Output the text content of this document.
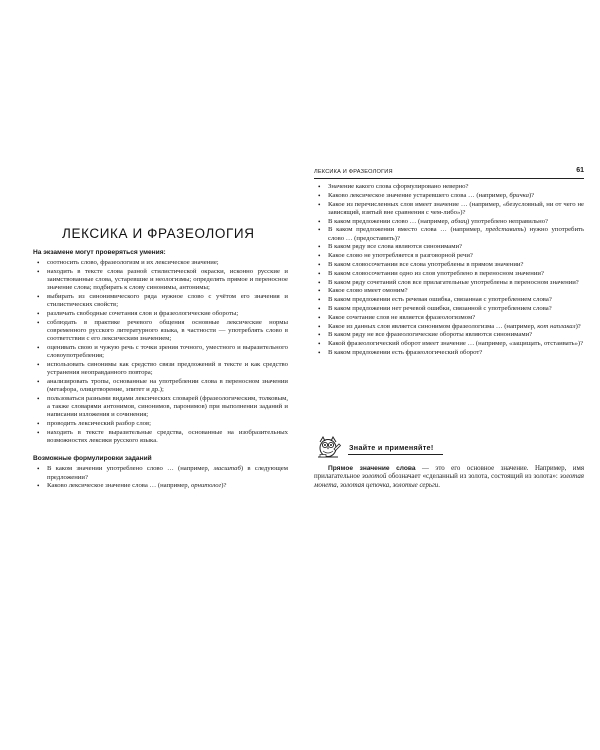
ЛЕКСИКА И ФРАЗЕОЛОГИЯ

На экзамене могут проверяться умения:

• соотносить слово, фразеологизм и их лексическое значение;
• находить в тексте слова разной стилистической окраски, исконно русские и заимствованные слова, устаревшие и неологизмы; определять прямое и переносное значение слова; подбирать к слову синонимы, антонимы;
• выбирать из синонимического ряда нужное слово с учётом его значения и стилистических свойств;
• различать свободные сочетания слов и фразеологические обороты;
• соблюдать в практике речевого общения основные лексические нормы современного русского литературного языка, в частности — употреблять слово в соответствии с его лексическим значением;
• оценивать свою и чужую речь с точки зрения точного, уместного и выразительного словоупотребления;
• использовать синонимы как средство связи предложений в тексте и как средство устранения неоправданного повтора;
• анализировать тропы, основанные на употреблении слова в переносном значении (метафора, олицетворение, эпитет и др.);
• пользоваться разными видами лексических словарей (фразеологическим, толковым, а также словарями антонимов, синонимов, паронимов) при выполнении заданий и написании изложения и сочинения;
• проводить лексический разбор слов;
• находить в тексте выразительные средства, основанные на изобразительных возможностях лексики русского языка.

Возможные формулировки заданий

• В каком значении употреблено слово … (например, масштаб) в следующем предложении?
• Каково лексическое значение слова … (например, орнитолог)?
ЛЕКСИКА И ФРАЗЕОЛОГИЯ	61
• Значение какого слова сформулировано неверно?
• Каково лексическое значение устаревшего слова … (например, бричка)?
• Какое из перечисленных слов имеет значение … (например, «безусловный, ни от чего не зависящий, взятый вне сравнения с чем-либо»)?
• В каком предложении слово … (например, абзац) употреблено неправильно?
• В каком предложении вместо слова … (например, представить) нужно употребить слово … (предоставить)?
• В каком ряду все слова являются синонимами?
• Какое слово не употребляется в разговорной речи?
• В каком словосочетании все слова употреблены в прямом значении?
• В каком словосочетании одно из слов употреблено в переносном значении?
• В каком ряду сочетаний слов все прилагательные употреблены в переносном значении?
• Какое слово имеет омоним?
• В каком предложении есть речевая ошибка, связанная с употреблением слова?
• В каком предложении нет речевой ошибки, связанной с употреблением слова?
• Какое сочетание слов не является фразеологизмом?
• Какое из данных слов является синонимом фразеологизма … (например, кот наплакал)?
• В каком ряду не все фразеологические обороты являются синонимами?
• Какой фразеологический оборот имеет значение … (например, «защищать, отстаивать»)?
• В каком предложении есть фразеологический оборот?
Знайте и применяйте!

Прямое значение слова — это его основное значение. Например, имя прилагательное золотой обозначает «сделанный из золота, состоящий из золота»: золотая монета, золотая цепочка, золотые серьги.
